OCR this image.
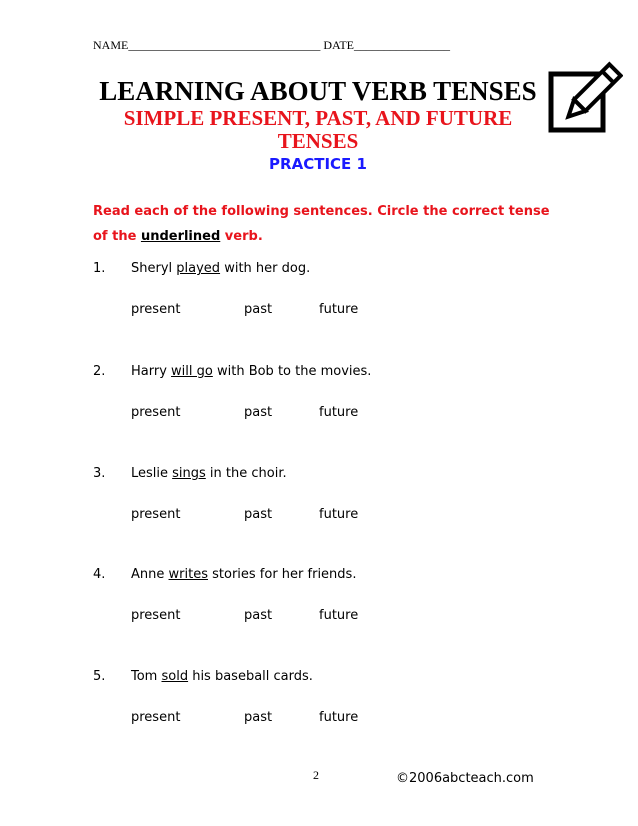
NAME________________________________ DATE________________
LEARNING ABOUT VERB TENSES
SIMPLE PRESENT, PAST, AND FUTURE
TENSES
PRACTICE 1
Read each of the following sentences. Circle the correct tense of the underlined verb.
1. Sheryl played with her dog.
present	past	future
2. Harry will go with Bob to the movies.
present	past	future
3. Leslie sings in the choir.
present	past	future
4. Anne writes stories for her friends.
present	past	future
5. Tom sold his baseball cards.
present	past	future
2	©2006abcteach.com
